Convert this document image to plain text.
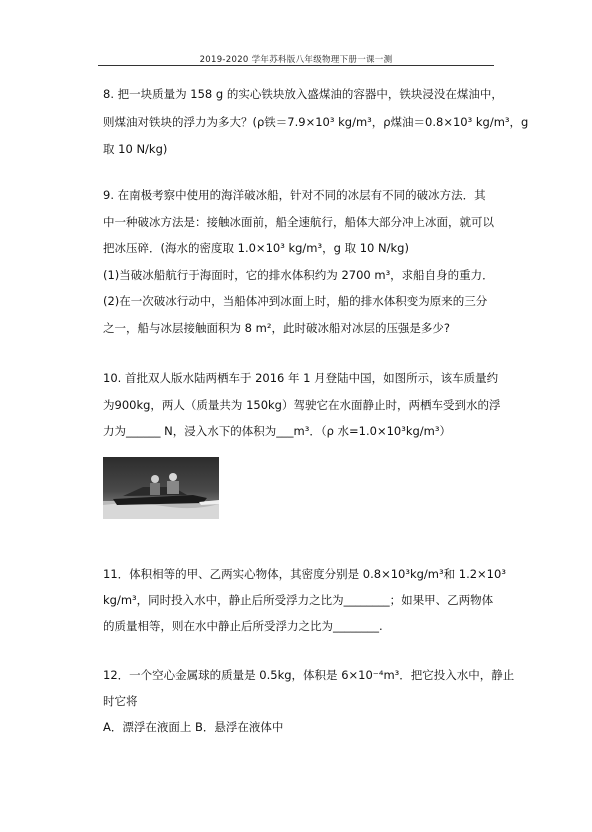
2019-2020 学年苏科版八年级物理下册一课一测
8. 把一块质量为 158 g 的实心铁块放入盛煤油的容器中，铁块浸没在煤油中，
则煤油对铁块的浮力为多大？(ρ铁＝7.9×10³ kg/m³，ρ煤油＝0.8×10³ kg/m³，g
取 10 N/kg)
9. 在南极考察中使用的海洋破冰船，针对不同的冰层有不同的破冰方法．其
中一种破冰方法是：接触冰面前，船全速航行，船体大部分冲上冰面，就可以
把冰压碎．(海水的密度取 1.0×10³ kg/m³，g 取 10 N/kg)
(1)当破冰船航行于海面时，它的排水体积约为 2700 m³，求船自身的重力．
(2)在一次破冰行动中，当船体冲到冰面上时，船的排水体积变为原来的三分
之一，船与冰层接触面积为 8 m²，此时破冰船对冰层的压强是多少?
10. 首批双人版水陆两栖车于 2016 年 1 月登陆中国，如图所示，该车质量约
为900kg，两人（质量共为 150kg）驾驶它在水面静止时，两栖车受到水的浮
力为______ N，浸入水下的体积为___m³．（ρ 水=1.0×10³kg/m³）
11．体积相等的甲、乙两实心物体，其密度分别是 0.8×10³kg/m³和 1.2×10³
kg/m³，同时投入水中，静止后所受浮力之比为________；如果甲、乙两物体
的质量相等，则在水中静止后所受浮力之比为________.
12．一个空心金属球的质量是 0.5kg，体积是 6×10⁻⁴m³．把它投入水中，静止
时它将
A．漂浮在液面上 B．悬浮在液体中
